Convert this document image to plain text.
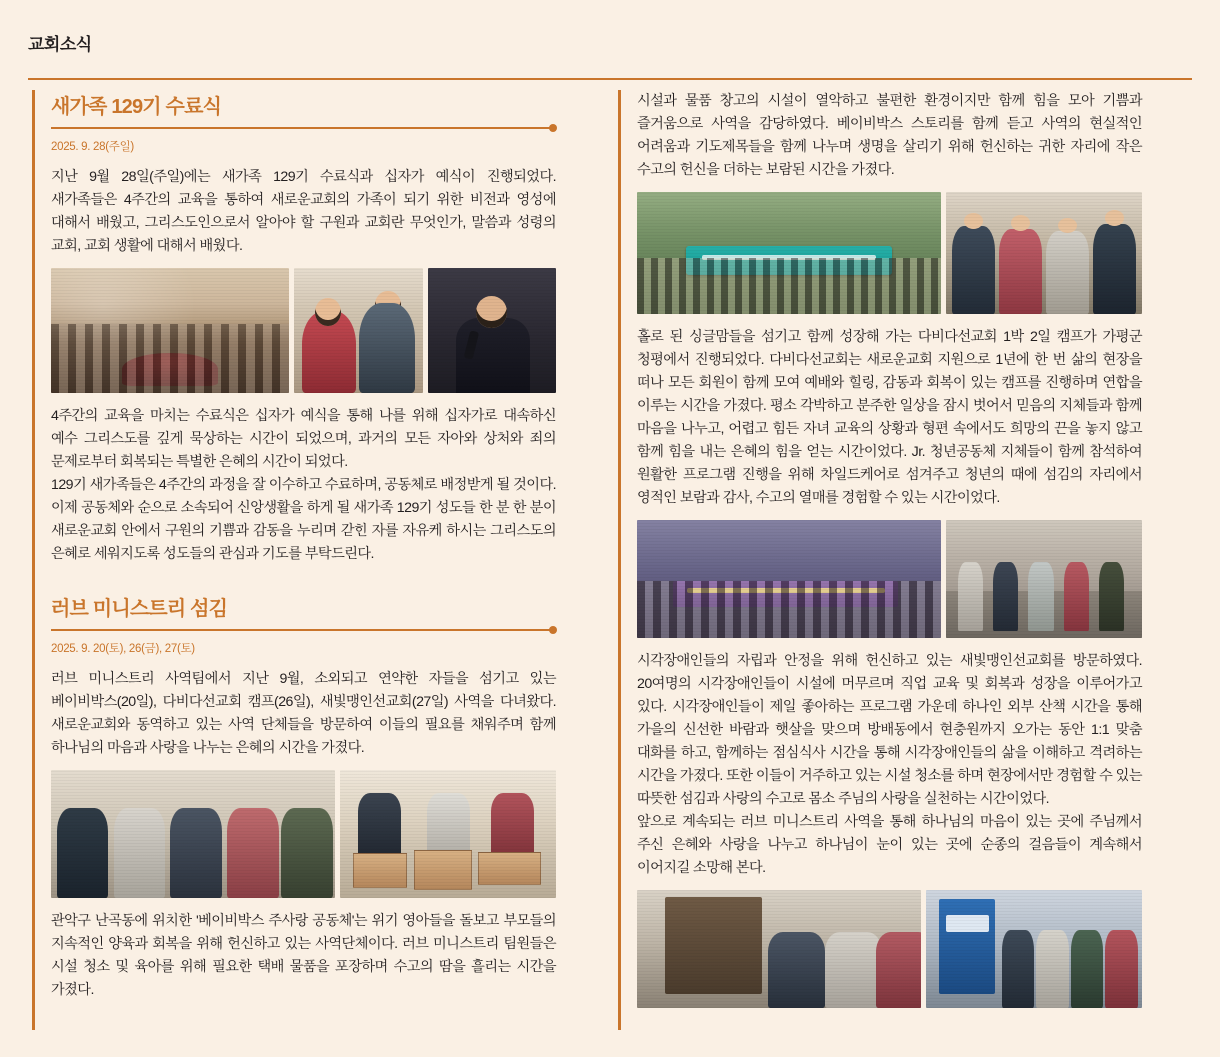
교회소식
새가족 129기 수료식
2025. 9. 28(주일)

지난 9월 28일(주일)에는 새가족 129기 수료식과 십자가 예식이 진행되었다. 새가족들은 4주간의 교육을 통하여 새로운교회의 가족이 되기 위한 비전과 영성에 대해서 배웠고, 그리스도인으로서 알아야 할 구원과 교회란 무엇인가, 말씀과 성령의 교회, 교회 생활에 대해서 배웠다.

4주간의 교육을 마치는 수료식은 십자가 예식을 통해 나를 위해 십자가로 대속하신 예수 그리스도를 깊게 묵상하는 시간이 되었으며, 과거의 모든 자아와 상처와 죄의 문제로부터 회복되는 특별한 은혜의 시간이 되었다.

129기 새가족들은 4주간의 과정을 잘 이수하고 수료하며, 공동체로 배정받게 될 것이다. 이제 공동체와 순으로 소속되어 신앙생활을 하게 될 새가족 129기 성도들 한 분 한 분이 새로운교회 안에서 구원의 기쁨과 감동을 누리며 갇힌 자를 자유케 하시는 그리스도의 은혜로 세워지도록 성도들의 관심과 기도를 부탁드린다.

러브 미니스트리 섬김
2025. 9. 20(토), 26(금), 27(토)

러브 미니스트리 사역팀에서 지난 9월, 소외되고 연약한 자들을 섬기고 있는 베이비박스(20일), 다비다선교회 캠프(26일), 새빛맹인선교회(27일) 사역을 다녀왔다. 새로운교회와 동역하고 있는 사역 단체들을 방문하여 이들의 필요를 채워주며 함께 하나님의 마음과 사랑을 나누는 은혜의 시간을 가졌다.

관악구 난곡동에 위치한 '베이비박스 주사랑 공동체'는 위기 영아들을 돌보고 부모들의 지속적인 양육과 회복을 위해 헌신하고 있는 사역단체이다. 러브 미니스트리 팀원들은 시설 청소 및 육아를 위해 필요한 택배 물품을 포장하며 수고의 땀을 흘리는 시간을 가졌다.

시설과 물품 창고의 시설이 열악하고 불편한 환경이지만 함께 힘을 모아 기쁨과 즐거움으로 사역을 감당하였다. 베이비박스 스토리를 함께 듣고 사역의 현실적인 어려움과 기도제목들을 함께 나누며 생명을 살리기 위해 헌신하는 귀한 자리에 작은 수고의 헌신을 더하는 보람된 시간을 가졌다.

홀로 된 싱글맘들을 섬기고 함께 성장해 가는 다비다선교회 1박 2일 캠프가 가평군 청평에서 진행되었다. 다비다선교회는 새로운교회 지원으로 1년에 한 번 삶의 현장을 떠나 모든 회원이 함께 모여 예배와 힐링, 감동과 회복이 있는 캠프를 진행하며 연합을 이루는 시간을 가졌다. 평소 각박하고 분주한 일상을 잠시 벗어서 믿음의 지체들과 함께 마음을 나누고, 어렵고 힘든 자녀 교육의 상황과 형편 속에서도 희망의 끈을 놓지 않고 함께 힘을 내는 은혜의 힘을 얻는 시간이었다. Jr. 청년공동체 지체들이 함께 참석하여 원활한 프로그램 진행을 위해 차일드케어로 섬겨주고 청년의 때에 섬김의 자리에서 영적인 보람과 감사, 수고의 열매를 경험할 수 있는 시간이었다.

시각장애인들의 자립과 안정을 위해 헌신하고 있는 새빛맹인선교회를 방문하였다. 20여명의 시각장애인들이 시설에 머무르며 직업 교육 및 회복과 성장을 이루어가고 있다. 시각장애인들이 제일 좋아하는 프로그램 가운데 하나인 외부 산책 시간을 통해 가을의 신선한 바람과 햇살을 맞으며 방배동에서 현충원까지 오가는 동안 1:1 맞춤 대화를 하고, 함께하는 점심식사 시간을 통해 시각장애인들의 삶을 이해하고 격려하는 시간을 가졌다. 또한 이들이 거주하고 있는 시설 청소를 하며 현장에서만 경험할 수 있는 따뜻한 섬김과 사랑의 수고로 몸소 주님의 사랑을 실천하는 시간이었다.

앞으로 계속되는 러브 미니스트리 사역을 통해 하나님의 마음이 있는 곳에 주님께서 주신 은혜와 사랑을 나누고 하나님이 눈이 있는 곳에 순종의 걸음들이 계속해서 이어지길 소망해 본다.
